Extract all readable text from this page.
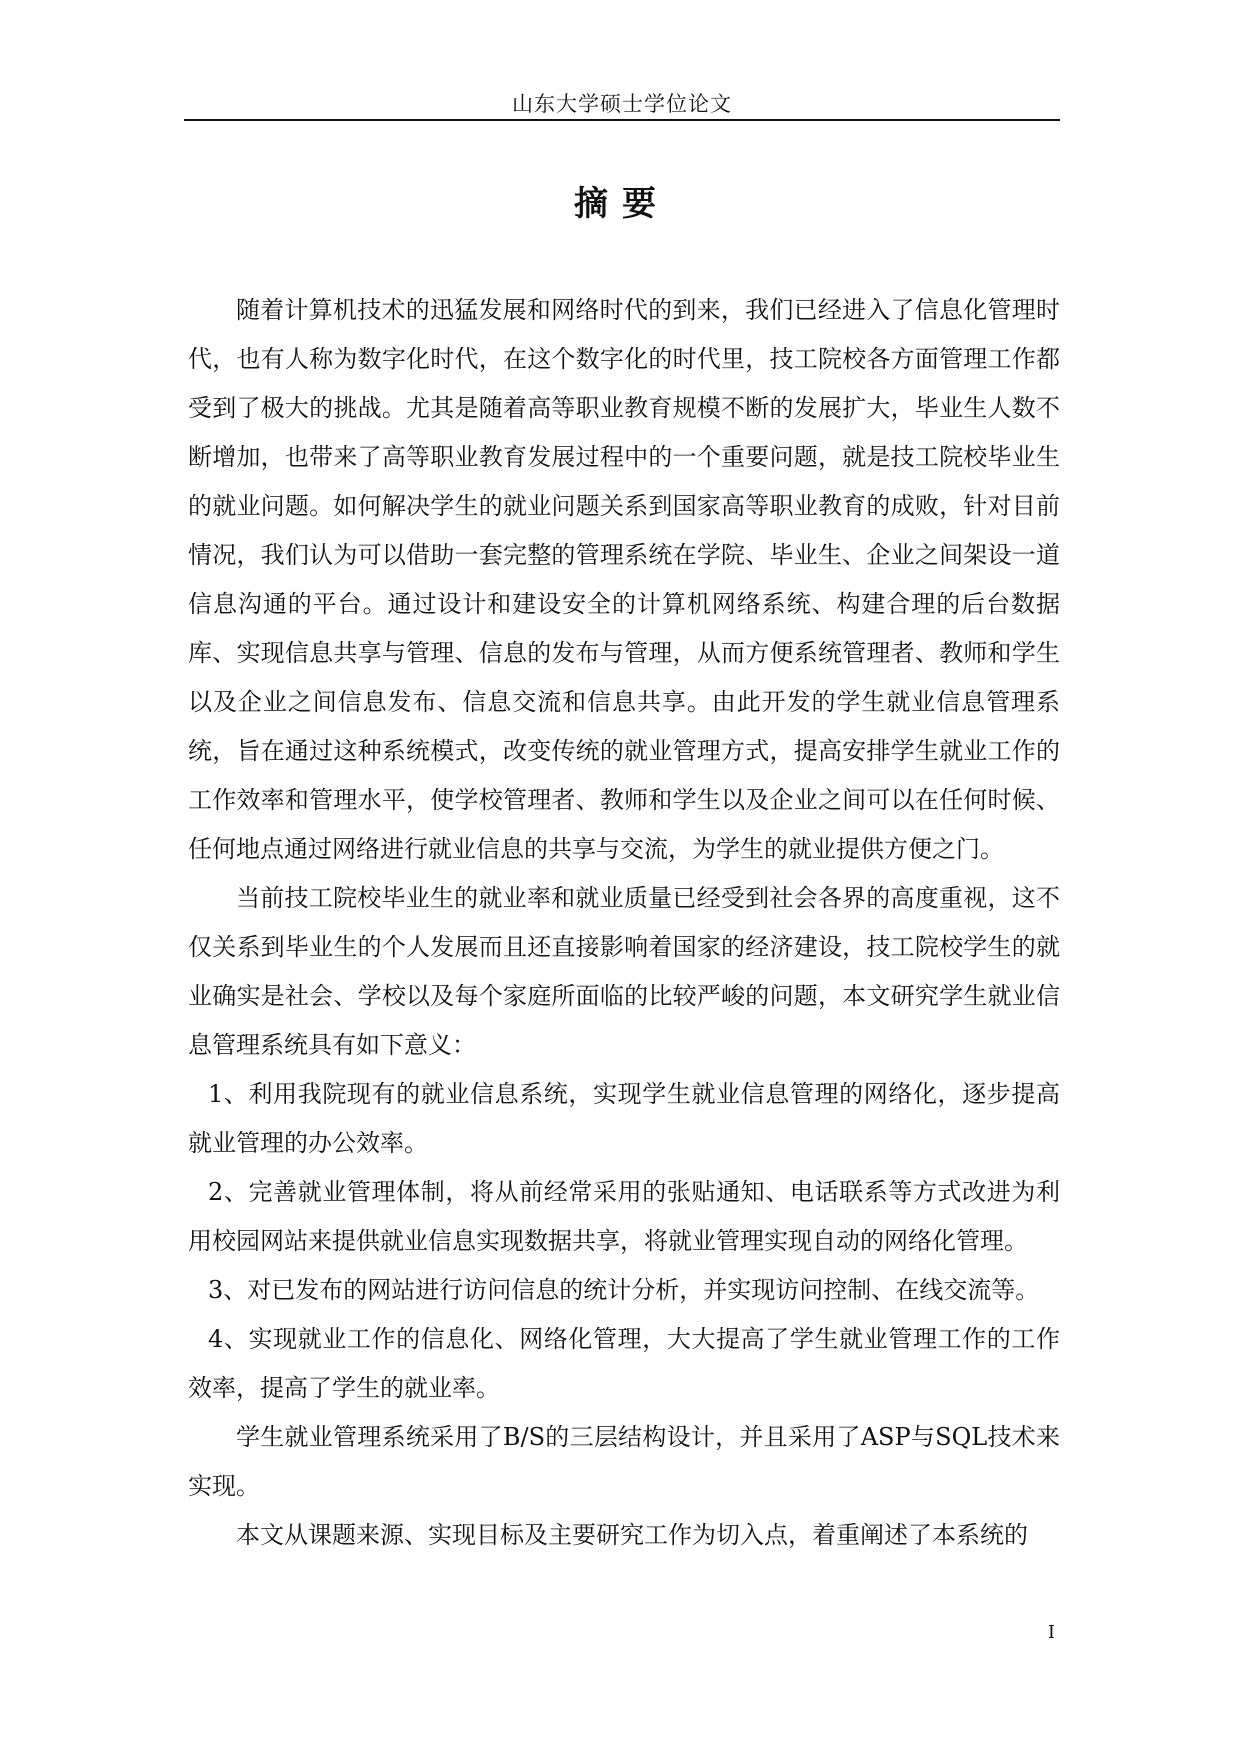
山东大学硕士学位论文
摘要

随着计算机技术的迅猛发展和网络时代的到来，我们已经进入了信息化管理时代，也有人称为数字化时代，在这个数字化的时代里，技工院校各方面管理工作都受到了极大的挑战。尤其是随着高等职业教育规模不断的发展扩大，毕业生人数不断增加，也带来了高等职业教育发展过程中的一个重要问题，就是技工院校毕业生的就业问题。如何解决学生的就业问题关系到国家高等职业教育的成败，针对目前情况，我们认为可以借助一套完整的管理系统在学院、毕业生、企业之间架设一道信息沟通的平台。通过设计和建设安全的计算机网络系统、构建合理的后台数据库、实现信息共享与管理、信息的发布与管理，从而方便系统管理者、教师和学生以及企业之间信息发布、信息交流和信息共享。由此开发的学生就业信息管理系统，旨在通过这种系统模式，改变传统的就业管理方式，提高安排学生就业工作的工作效率和管理水平，使学校管理者、教师和学生以及企业之间可以在任何时候、任何地点通过网络进行就业信息的共享与交流，为学生的就业提供方便之门。

当前技工院校毕业生的就业率和就业质量已经受到社会各界的高度重视，这不仅关系到毕业生的个人发展而且还直接影响着国家的经济建设，技工院校学生的就业确实是社会、学校以及每个家庭所面临的比较严峻的问题，本文研究学生就业信息管理系统具有如下意义：

1、利用我院现有的就业信息系统，实现学生就业信息管理的网络化，逐步提高就业管理的办公效率。

2、完善就业管理体制，将从前经常采用的张贴通知、电话联系等方式改进为利用校园网站来提供就业信息实现数据共享，将就业管理实现自动的网络化管理。

3、对已发布的网站进行访问信息的统计分析，并实现访问控制、在线交流等。

4、实现就业工作的信息化、网络化管理，大大提高了学生就业管理工作的工作效率，提高了学生的就业率。

学生就业管理系统采用了B/S的三层结构设计，并且采用了ASP与SQL技术来实现。

本文从课题来源、实现目标及主要研究工作为切入点，着重阐述了本系统的

I
